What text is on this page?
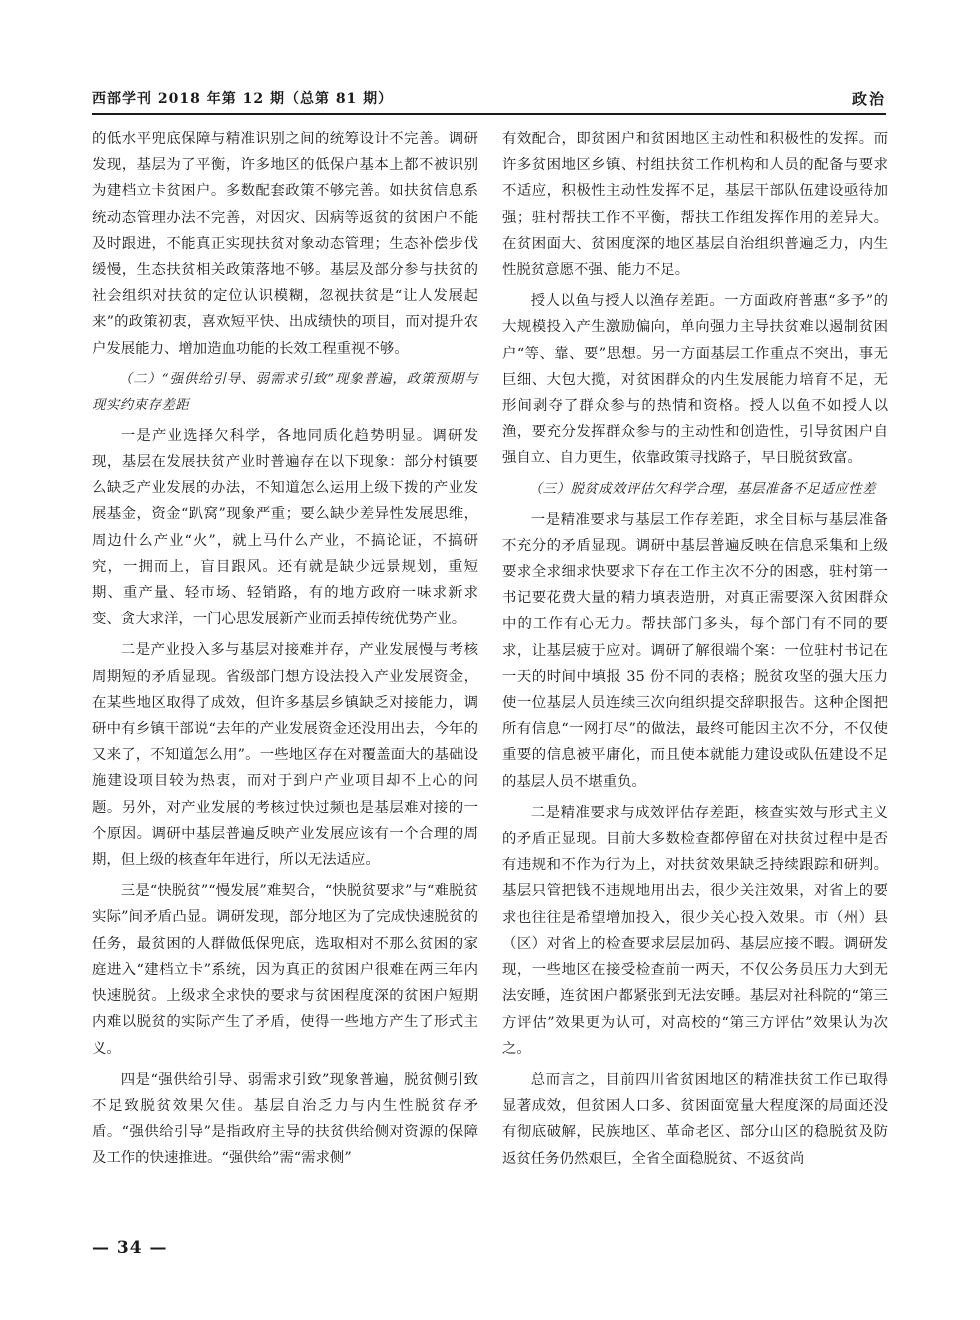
西部学刊 2018 年第 12 期（总第 81 期）	政治

的低水平兜底保障与精准识别之间的统筹设计不完善。调研发现，基层为了平衡，许多地区的低保户基本上都不被识别为建档立卡贫困户。多数配套政策不够完善。如扶贫信息系统动态管理办法不完善，对因灾、因病等返贫的贫困户不能及时跟进，不能真正实现扶贫对象动态管理；生态补偿步伐缓慢，生态扶贫相关政策落地不够。基层及部分参与扶贫的社会组织对扶贫的定位认识模糊，忽视扶贫是“让人发展起来”的政策初衷，喜欢短平快、出成绩快的项目，而对提升农户发展能力、增加造血功能的长效工程重视不够。

（二）“强供给引导、弱需求引致”现象普遍，政策预期与现实约束存差距

一是产业选择欠科学，各地同质化趋势明显。调研发现，基层在发展扶贫产业时普遍存在以下现象：部分村镇要么缺乏产业发展的办法，不知道怎么运用上级下拨的产业发展基金，资金“趴窝”现象严重；要么缺少差异性发展思维，周边什么产业“火”，就上马什么产业，不搞论证，不搞研究，一拥而上，盲目跟风。还有就是缺少远景规划，重短期、重产量、轻市场、轻销路，有的地方政府一味求新求变、贪大求洋，一门心思发展新产业而丢掉传统优势产业。

二是产业投入多与基层对接难并存，产业发展慢与考核周期短的矛盾显现。省级部门想方设法投入产业发展资金，在某些地区取得了成效，但许多基层乡镇缺乏对接能力，调研中有乡镇干部说“去年的产业发展资金还没用出去，今年的又来了，不知道怎么用”。一些地区存在对覆盖面大的基础设施建设项目较为热衷，而对于到户产业项目却不上心的问题。另外，对产业发展的考核过快过频也是基层难对接的一个原因。调研中基层普遍反映产业发展应该有一个合理的周期，但上级的核查年年进行，所以无法适应。

三是“快脱贫”“慢发展”难契合，“快脱贫要求”与“难脱贫实际”间矛盾凸显。调研发现，部分地区为了完成快速脱贫的任务，最贫困的人群做低保兜底，选取相对不那么贫困的家庭进入“建档立卡”系统，因为真正的贫困户很难在两三年内快速脱贫。上级求全求快的要求与贫困程度深的贫困户短期内难以脱贫的实际产生了矛盾，使得一些地方产生了形式主义。

四是“强供给引导、弱需求引致”现象普遍，脱贫侧引致不足致脱贫效果欠佳。基层自治乏力与内生性脱贫存矛盾。“强供给引导”是指政府主导的扶贫供给侧对资源的保障及工作的快速推进。“强供给”需“需求侧”

有效配合，即贫困户和贫困地区主动性和积极性的发挥。而许多贫困地区乡镇、村组扶贫工作机构和人员的配备与要求不适应，积极性主动性发挥不足，基层干部队伍建设亟待加强；驻村帮扶工作不平衡，帮扶工作组发挥作用的差异大。在贫困面大、贫困度深的地区基层自治组织普遍乏力，内生性脱贫意愿不强、能力不足。

授人以鱼与授人以渔存差距。一方面政府普惠“多予”的大规模投入产生激励偏向，单向强力主导扶贫难以遏制贫困户“等、靠、要”思想。另一方面基层工作重点不突出，事无巨细、大包大揽，对贫困群众的内生发展能力培育不足，无形间剥夺了群众参与的热情和资格。授人以鱼不如授人以渔，要充分发挥群众参与的主动性和创造性，引导贫困户自强自立、自力更生，依靠政策寻找路子，早日脱贫致富。

（三）脱贫成效评估欠科学合理，基层准备不足适应性差

一是精准要求与基层工作存差距，求全目标与基层准备不充分的矛盾显现。调研中基层普遍反映在信息采集和上级要求全求细求快要求下存在工作主次不分的困惑，驻村第一书记要花费大量的精力填表造册，对真正需要深入贫困群众中的工作有心无力。帮扶部门多头，每个部门有不同的要求，让基层疲于应对。调研了解很端个案：一位驻村书记在一天的时间中填报 35 份不同的表格；脱贫攻坚的强大压力使一位基层人员连续三次向组织提交辞职报告。这种企图把所有信息“一网打尽”的做法，最终可能因主次不分，不仅使重要的信息被平庸化，而且使本就能力建设或队伍建设不足的基层人员不堪重负。

二是精准要求与成效评估存差距，核查实效与形式主义的矛盾正显现。目前大多数检查都停留在对扶贫过程中是否有违规和不作为行为上，对扶贫效果缺乏持续跟踪和研判。基层只管把钱不违规地用出去，很少关注效果，对省上的要求也往往是希望增加投入，很少关心投入效果。市（州）县（区）对省上的检查要求层层加码、基层应接不暇。调研发现，一些地区在接受检查前一两天，不仅公务员压力大到无法安睡，连贫困户都紧张到无法安睡。基层对社科院的“第三方评估”效果更为认可，对高校的“第三方评估”效果认为次之。

总而言之，目前四川省贫困地区的精准扶贫工作已取得显著成效，但贫困人口多、贫困面宽量大程度深的局面还没有彻底破解，民族地区、革命老区、部分山区的稳脱贫及防返贫任务仍然艰巨，全省全面稳脱贫、不返贫尚

— 34 —
